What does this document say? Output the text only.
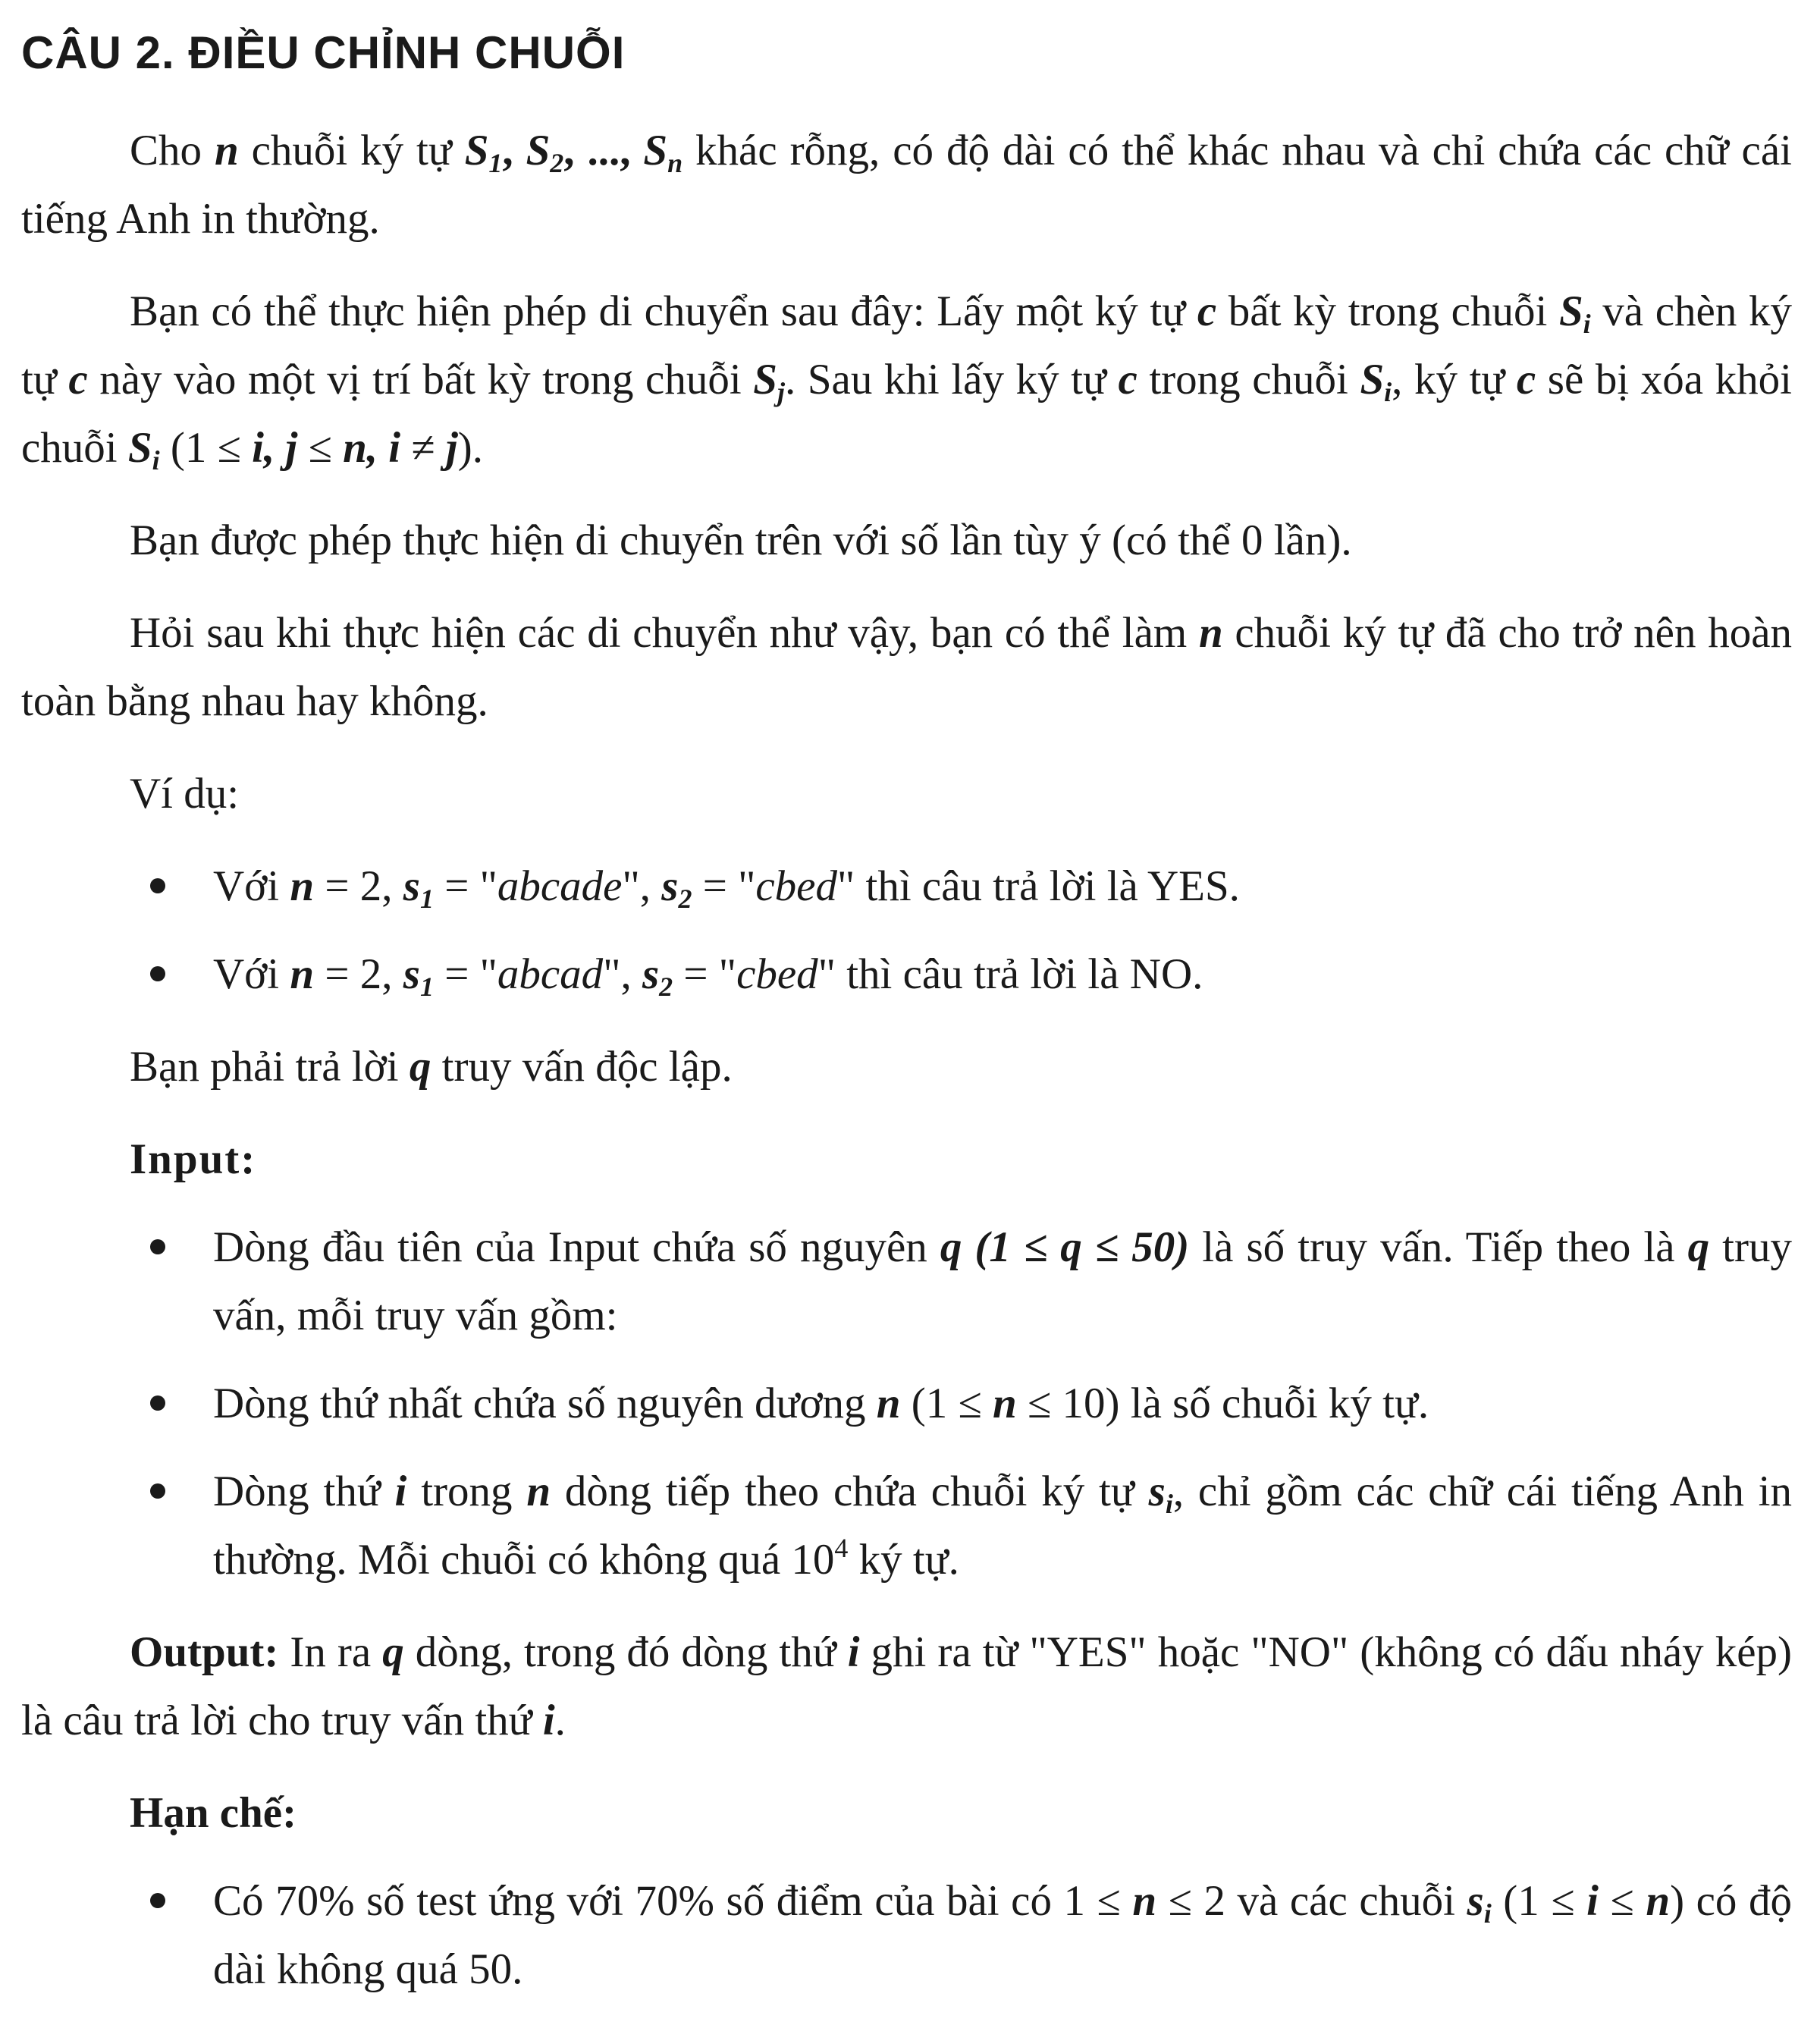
CÂU 2. ĐIỀU CHỈNH CHUỖI

Cho n chuỗi ký tự $S_1$, $S_2$, ..., $S_n$ khác rỗng, có độ dài có thể khác nhau và chỉ chứa các chữ cái tiếng Anh in thường.

Bạn có thể thực hiện phép di chuyển sau đây: Lấy một ký tự c bất kỳ trong chuỗi $S_i$ và chèn ký tự c này vào một vị trí bất kỳ trong chuỗi $S_j$. Sau khi lấy ký tự c trong chuỗi $S_i$, ký tự c sẽ bị xóa khỏi chuỗi $S_i$ (1 ≤ i, j ≤ n, i ≠ j).

Bạn được phép thực hiện di chuyển trên với số lần tùy ý (có thể 0 lần).

Hỏi sau khi thực hiện các di chuyển như vậy, bạn có thể làm n chuỗi ký tự đã cho trở nên hoàn toàn bằng nhau hay không.

Ví dụ:

Với n = 2, $s_1$ = "abcade", $s_2$ = "cbed" thì câu trả lời là YES.
Với n = 2, $s_1$ = "abcad", $s_2$ = "cbed" thì câu trả lời là NO.

Bạn phải trả lời q truy vấn độc lập.

Input:
Dòng đầu tiên của Input chứa số nguyên q (1 ≤ q ≤ 50) là số truy vấn. Tiếp theo là q truy vấn, mỗi truy vấn gồm:
Dòng thứ nhất chứa số nguyên dương n (1 ≤ n ≤ 10) là số chuỗi ký tự.
Dòng thứ i trong n dòng tiếp theo chứa chuỗi ký tự $s_i$, chỉ gồm các chữ cái tiếng Anh in thường. Mỗi chuỗi có không quá $10^4$ ký tự.

Output: In ra q dòng, trong đó dòng thứ i ghi ra từ "YES" hoặc "NO" (không có dấu nháy kép) là câu trả lời cho truy vấn thứ i.

Hạn chế:
Có 70% số test ứng với 70% số điểm của bài có 1 ≤ n ≤ 2 và các chuỗi $s_i$ (1 ≤ i ≤ n) có độ dài không quá 50.
